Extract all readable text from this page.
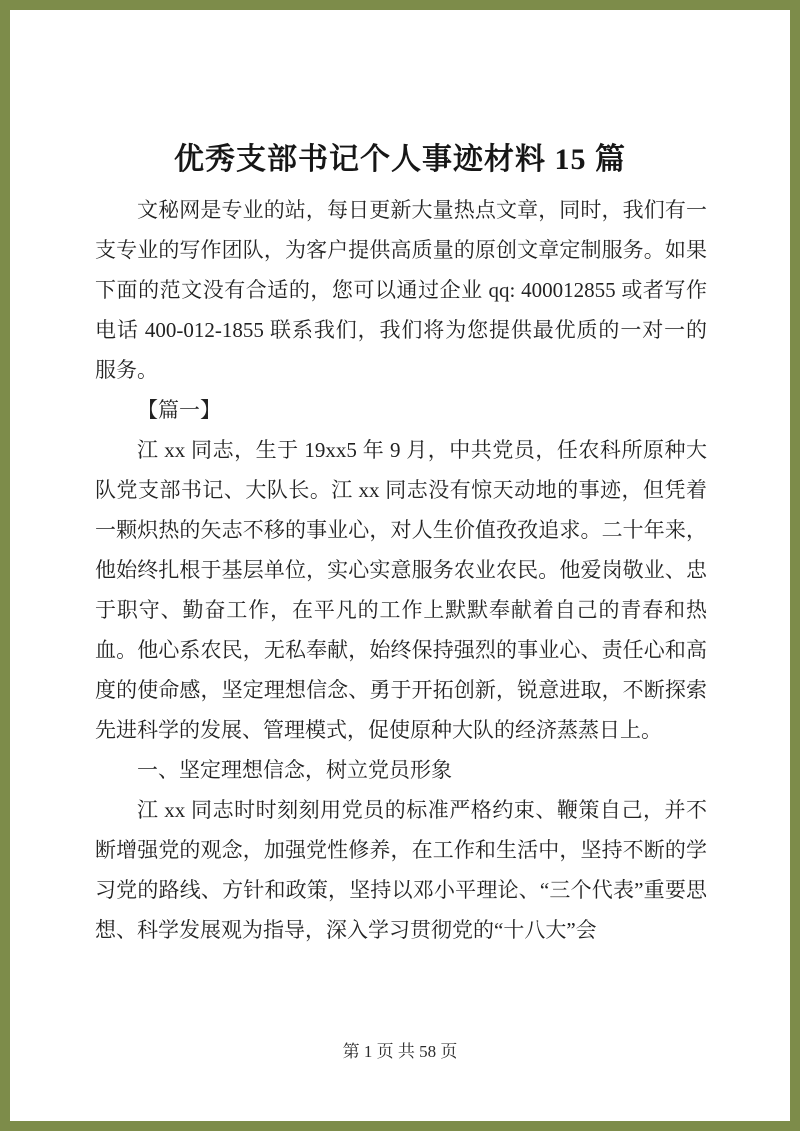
优秀支部书记个人事迹材料 15 篇

文秘网是专业的站，每日更新大量热点文章，同时，我们有一支专业的写作团队，为客户提供高质量的原创文章定制服务。如果下面的范文没有合适的，您可以通过企业 qq: 400012855 或者写作电话 400-012-1855 联系我们，我们将为您提供最优质的一对一的服务。

【篇一】

江 xx 同志，生于 19xx5 年 9 月，中共党员，任农科所原种大队党支部书记、大队长。江 xx 同志没有惊天动地的事迹，但凭着一颗炽热的矢志不移的事业心，对人生价值孜孜追求。二十年来，他始终扎根于基层单位，实心实意服务农业农民。他爱岗敬业、忠于职守、勤奋工作，在平凡的工作上默默奉献着自己的青春和热血。他心系农民，无私奉献，始终保持强烈的事业心、责任心和高度的使命感，坚定理想信念、勇于开拓创新，锐意进取，不断探索先进科学的发展、管理模式，促使原种大队的经济蒸蒸日上。

一、坚定理想信念，树立党员形象

江 xx 同志时时刻刻用党员的标准严格约束、鞭策自己，并不断增强党的观念，加强党性修养，在工作和生活中，坚持不断的学习党的路线、方针和政策，坚持以邓小平理论、“三个代表”重要思想、科学发展观为指导，深入学习贯彻党的“十八大”会

第 1 页 共 58 页
